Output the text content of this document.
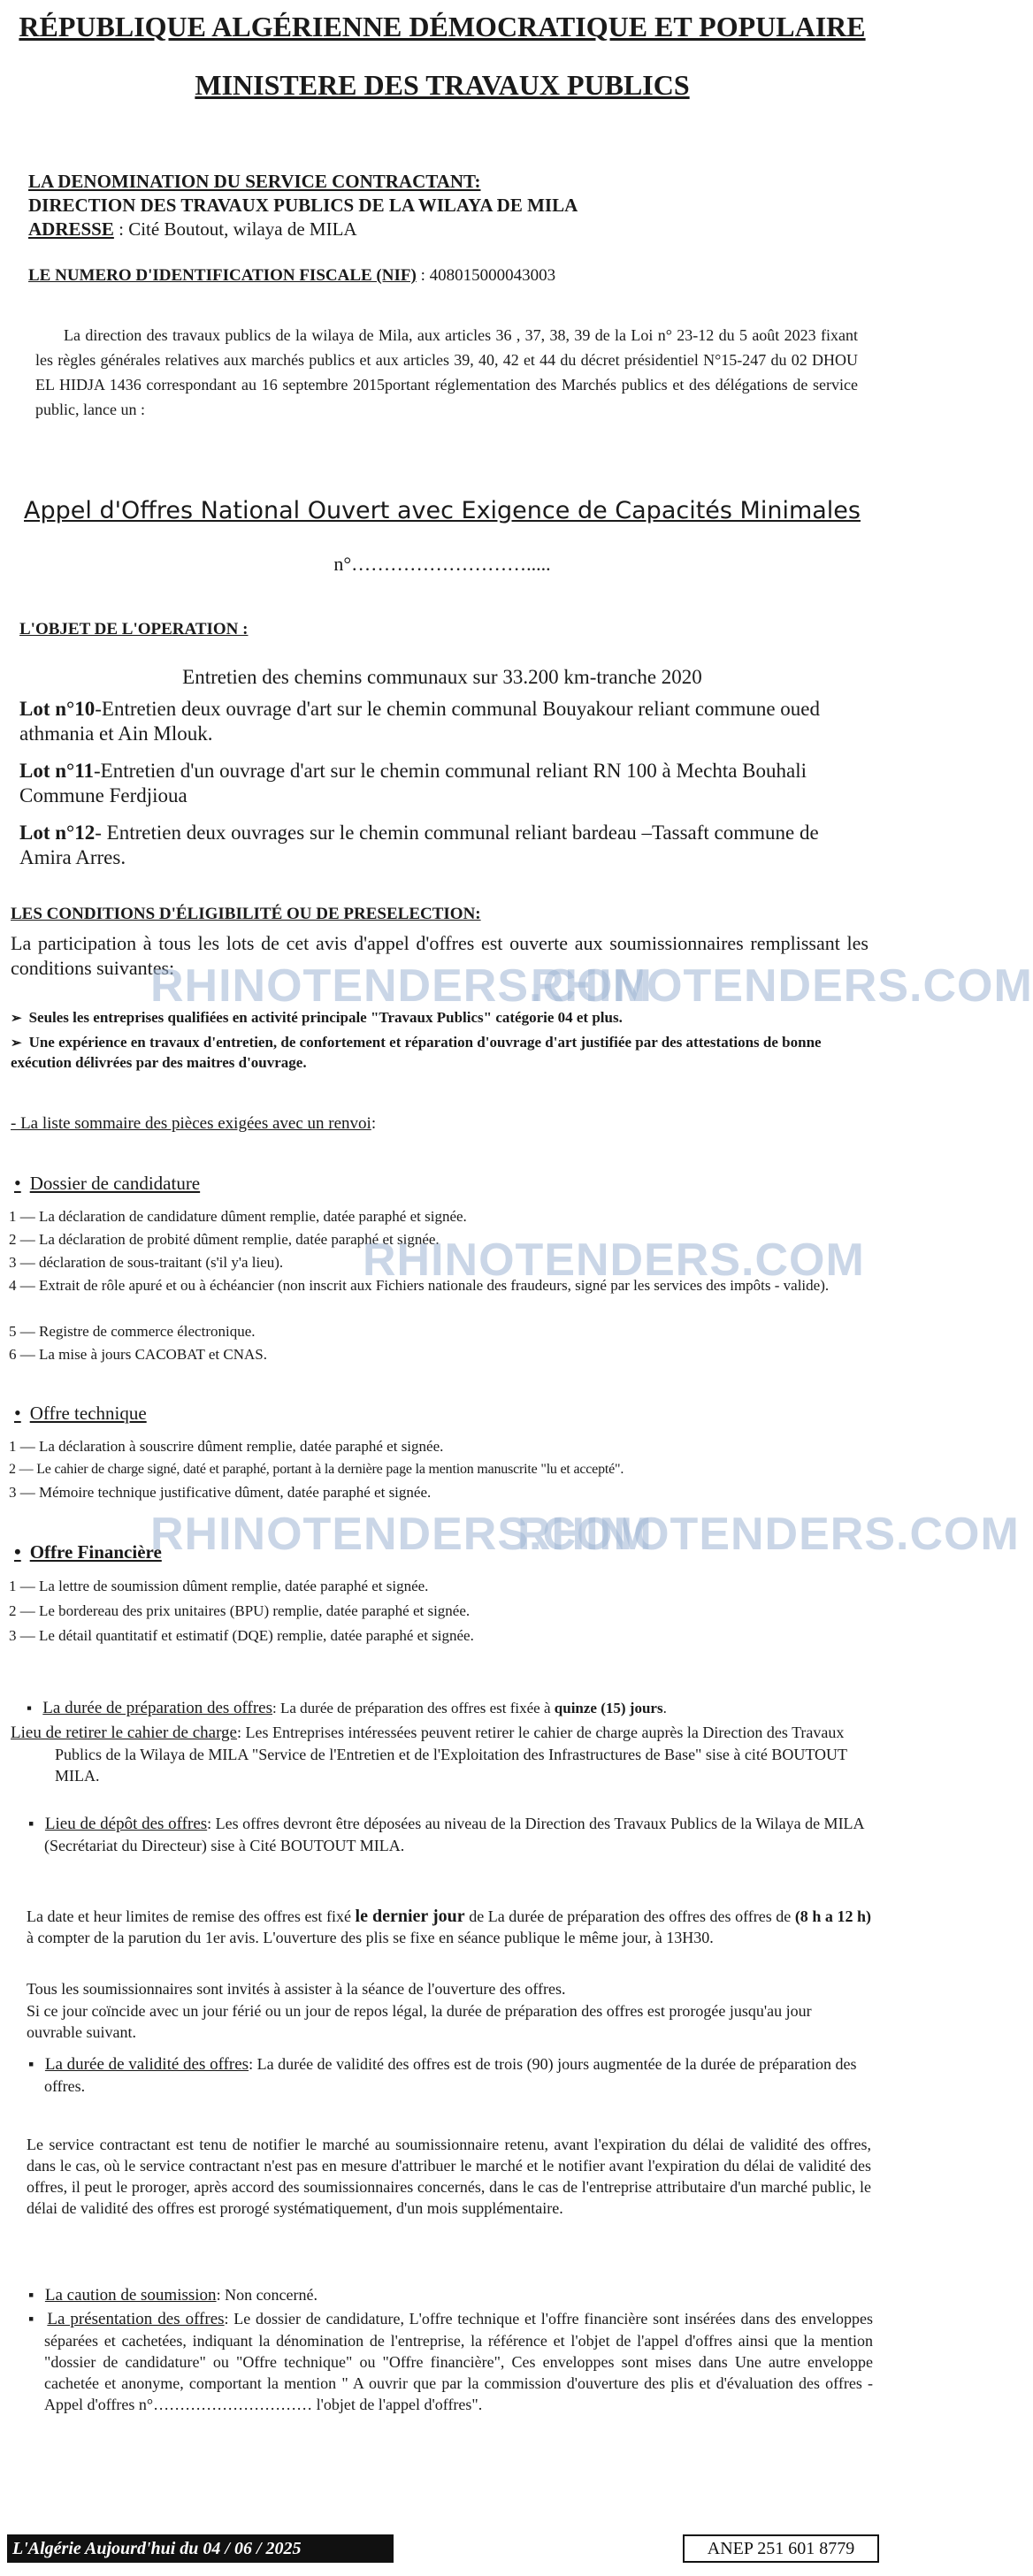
RÉPUBLIQUE ALGÉRIENNE DÉMOCRATIQUE ET POPULAIRE
MINISTERE DES TRAVAUX PUBLICS
LA DENOMINATION DU SERVICE CONTRACTANT:
DIRECTION DES TRAVAUX PUBLICS DE LA WILAYA DE MILA
ADRESSE : Cité Boutout, wilaya de MILA
LE NUMERO D'IDENTIFICATION FISCALE (NIF) : 408015000043003
La direction des travaux publics de la wilaya de Mila, aux articles 36 , 37, 38, 39 de la Loi n° 23-12 du 5 août 2023 fixant les règles générales relatives aux marchés publics et aux articles 39, 40, 42 et 44 du décret présidentiel N°15-247 du 02 DHOU EL HIDJA 1436 correspondant au 16 septembre 2015portant réglementation des Marchés publics et des délégations de service public, lance un :
Appel d'Offres National Ouvert avec Exigence de Capacités Minimales
n°……………………….....
L'OBJET DE L'OPERATION :
Entretien des chemins communaux sur 33.200 km-tranche 2020
Lot n°10-Entretien deux ouvrage d'art sur le chemin communal Bouyakour reliant commune oued athmania et Ain Mlouk.
Lot n°11-Entretien d'un ouvrage d'art sur le chemin communal reliant RN 100 à Mechta Bouhali Commune Ferdjioua
Lot n°12- Entretien deux ouvrages sur le chemin communal reliant bardeau –Tassaft commune de Amira Arres.
LES CONDITIONS D'ÉLIGIBILITÉ OU DE PRESELECTION:
La participation à tous les lots de cet avis d'appel d'offres est ouverte aux soumissionnaires remplissant les conditions suivantes:
➢ Seules les entreprises qualifiées en activité principale "Travaux Publics" catégorie 04 et plus.
➢ Une expérience en travaux d'entretien, de confortement et réparation d'ouvrage d'art justifiée par des attestations de bonne exécution délivrées par des maitres d'ouvrage.
- La liste sommaire des pièces exigées avec un renvoi:
• Dossier de candidature
1 — La déclaration de candidature dûment remplie, datée paraphé et signée.
2 — La déclaration de probité dûment remplie, datée paraphé et signée.
3 — déclaration de sous-traitant (s'il y'a lieu).
4 — Extrait de rôle apuré et ou à échéancier (non inscrit aux Fichiers nationale des fraudeurs, signé par les services des impôts - valide).
5 — Registre de commerce électronique.
6 — La mise à jours CACOBAT et CNAS.
• Offre technique
1 — La déclaration à souscrire dûment remplie, datée paraphé et signée.
2 — Le cahier de charge signé, daté et paraphé, portant à la dernière page la mention manuscrite "lu et accepté".
3 — Mémoire technique justificative dûment, datée paraphé et signée.
• Offre Financière
1 — La lettre de soumission dûment remplie, datée paraphé et signée.
2 — Le bordereau des prix unitaires (BPU) remplie, datée paraphé et signée.
3 — Le détail quantitatif et estimatif (DQE) remplie, datée paraphé et signée.
▪ La durée de préparation des offres: La durée de préparation des offres est fixée à quinze (15) jours.
Lieu de retirer le cahier de charge: Les Entreprises intéressées peuvent retirer le cahier de charge auprès la Direction des Travaux Publics de la Wilaya de MILA "Service de l'Entretien et de l'Exploitation des Infrastructures de Base" sise à cité BOUTOUT MILA.
▪ Lieu de dépôt des offres: Les offres devront être déposées au niveau de la Direction des Travaux Publics de la Wilaya de MILA (Secrétariat du Directeur) sise à Cité BOUTOUT MILA.
La date et heur limites de remise des offres est fixé le dernier jour de La durée de préparation des offres des offres de (8 h a 12 h) à compter de la parution du 1er avis. L'ouverture des plis se fixe en séance publique le même jour, à 13H30.
Tous les soumissionnaires sont invités à assister à la séance de l'ouverture des offres.
Si ce jour coïncide avec un jour férié ou un jour de repos légal, la durée de préparation des offres est prorogée jusqu'au jour ouvrable suivant.
▪ La durée de validité des offres: La durée de validité des offres est de trois (90) jours augmentée de la durée de préparation des offres.
Le service contractant est tenu de notifier le marché au soumissionnaire retenu, avant l'expiration du délai de validité des offres, dans le cas, où le service contractant n'est pas en mesure d'attribuer le marché et le notifier avant l'expiration du délai de validité des offres, il peut le proroger, après accord des soumissionnaires concernés, dans le cas de l'entreprise attributaire d'un marché public, le délai de validité des offres est prorogé systématiquement, d'un mois supplémentaire.
▪ La caution de soumission: Non concerné.
▪ La présentation des offres: Le dossier de candidature, L'offre technique et l'offre financière sont insérées dans des enveloppes séparées et cachetées, indiquant la dénomination de l'entreprise, la référence et l'objet de l'appel d'offres ainsi que la mention "dossier de candidature" ou "Offre technique" ou "Offre financière", Ces enveloppes sont mises dans Une autre enveloppe cachetée et anonyme, comportant la mention " A ouvrir que par la commission d'ouverture des plis et d'évaluation des offres -Appel d'offres n°………………………… l'objet de l'appel d'offres".
RHINOTENDERS.COM
RHINOTENDERS.COM
RHINOTENDERS.COM
RHINOTENDERS.COM
RHINOTENDERS.COM
L'Algérie Aujourd'hui du 04 / 06 / 2025	ANEP 251 601 8779
